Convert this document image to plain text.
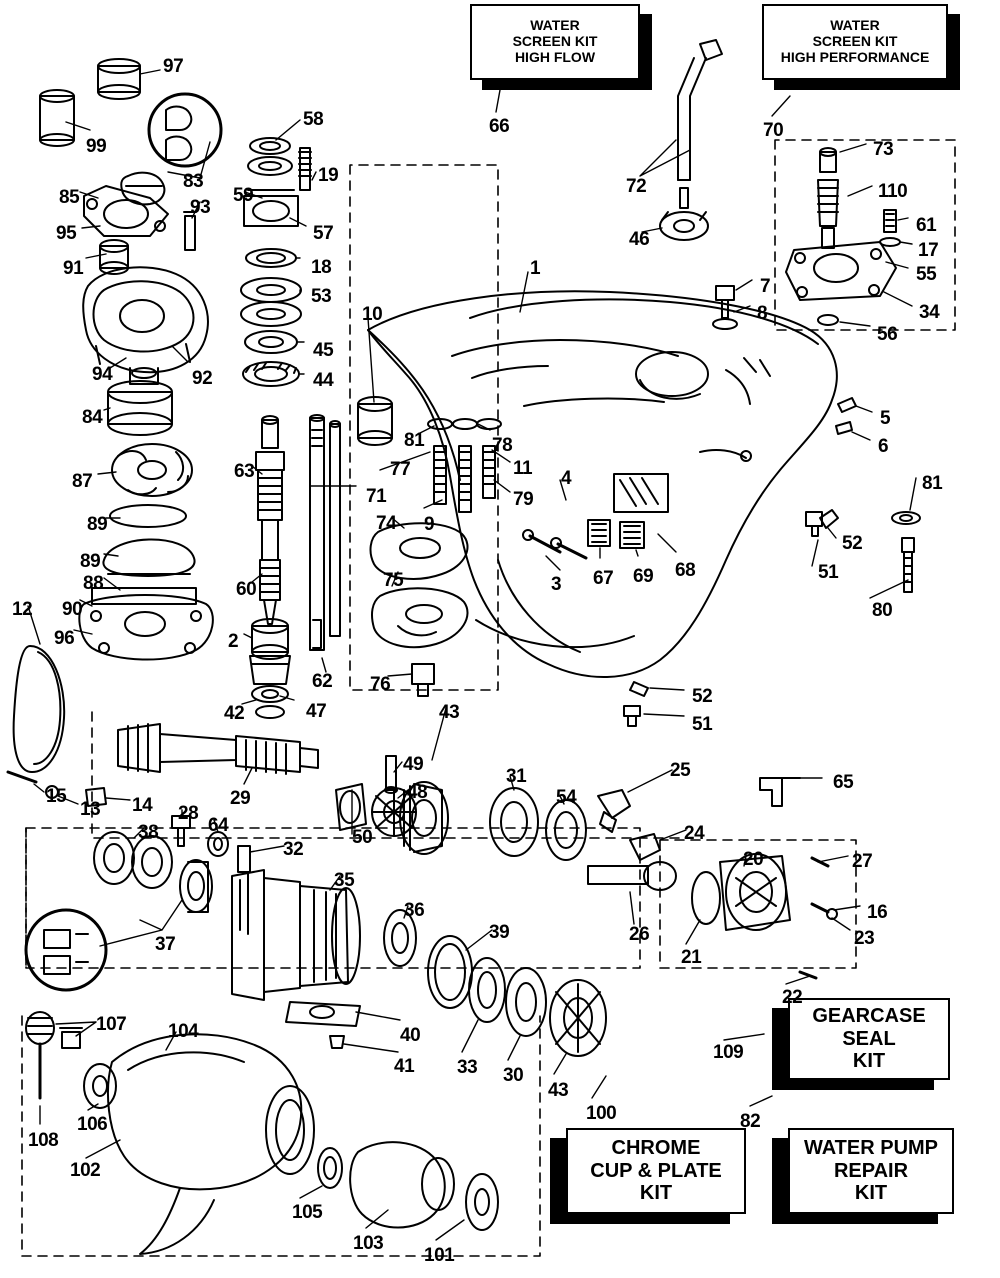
WATER
SCREEN KIT
HIGH FLOW
WATER
SCREEN KIT
HIGH PERFORMANCE
GEARCASE
SEAL
KIT
CHROME
CUP & PLATE
KIT
WATER PUMP
REPAIR
KIT
97
99
58
19
83
85	59
93
95	57
91	18
53
10
1
45
44
94	92
84
81	78
11
87
77
63
71
4
79
9
89	74
89
88	60	75	3 67 69 68
90
12
96	2
62 76
42	47	43
52
51
15
13 14	29
49
48
31
54
25
65
28
64
38
32
50	24
20	27
35
26
21
16
23
37
36
39
22
107 104	40
33 30
43
109
41
106
108
102
105
103
101
100	82
66	70
72
73
110
61
17
55
34
46
7
8
56
5
6
81
52
51
80
